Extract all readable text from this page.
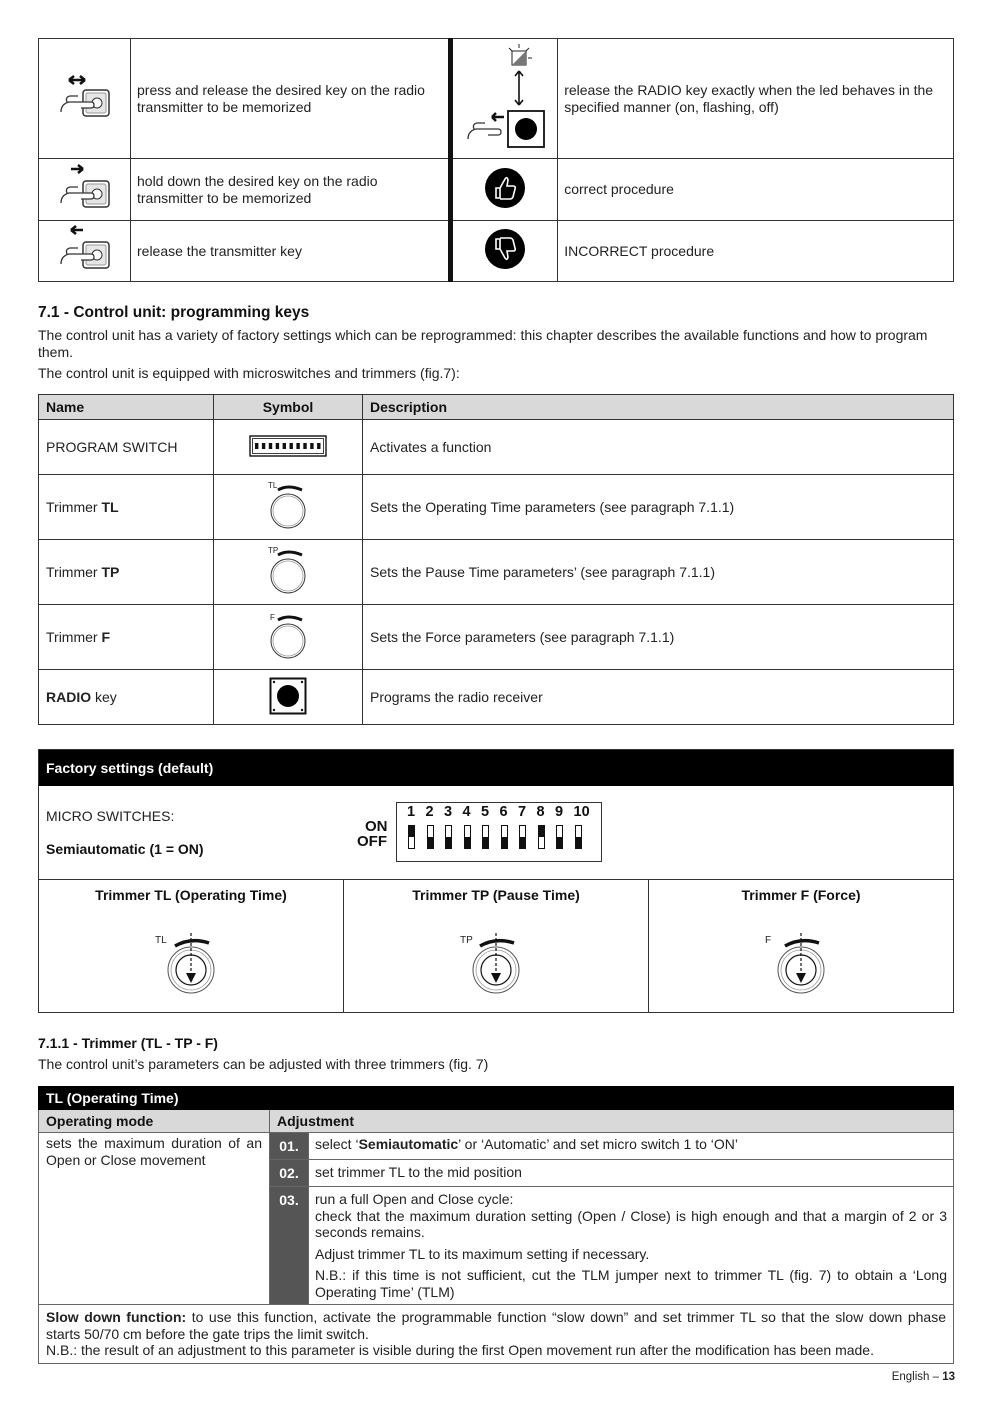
	press and release the desired key on the radio transmitter to be memorized		release the RADIO key exactly when the led behaves in the specified manner (on, flashing, off)
	hold down the desired key on the radio transmitter to be memorized		correct procedure
	release the transmitter key		INCORRECT procedure
7.1 - Control unit: programming keys

The control unit has a variety of factory settings which can be reprogrammed: this chapter describes the available functions and how to program them.

The control unit is equipped with microswitches and trimmers (fig.7):

Name	Symbol	Description
PROGRAM SWITCH		Activates a function
Trimmer TL	TL	Sets the Operating Time parameters (see paragraph 7.1.1)
Trimmer TP	TP	Sets the Pause Time parameters’ (see paragraph 7.1.1)
Trimmer F	F	Sets the Force parameters (see paragraph 7.1.1)
RADIO key		Programs the radio receiver
Factory settings (default)
MICRO SWITCHES:
Semiautomatic (1 = ON)
ON
OFF
1 2 3 4 5 6 7 8 9 10
Trimmer TL (Operating Time)
TL
Trimmer TP (Pause Time)
TP
Trimmer F (Force)
F
7.1.1 - Trimmer (TL - TP - F)

The control unit’s parameters can be adjusted with three trimmers (fig. 7)

TL (Operating Time)		
Operating mode	Adjustment	
sets the maximum duration of an Open or Close movement	01.	select ‘Semiautomatic’ or ‘Automatic’ and set micro switch 1 to ‘ON’
	02.	set trimmer TL to the mid position
	03.	run a full Open and Close cycle:
check that the maximum duration setting (Open / Close) is high enough and that a margin of 2 or 3 seconds remains.
Adjust trimmer TL to its maximum setting if necessary.
N.B.: if this time is not sufficient, cut the TLM jumper next to trimmer TL (fig. 7) to obtain a ‘Long Operating Time’ (TLM)

Slow down function: to use this function, activate the programmable function “slow down” and set trimmer TL so that the slow down phase starts 50/70 cm before the gate trips the limit switch.
N.B.: the result of an adjustment to this parameter is visible during the first Open movement run after the modification has been made.		
English – 13
